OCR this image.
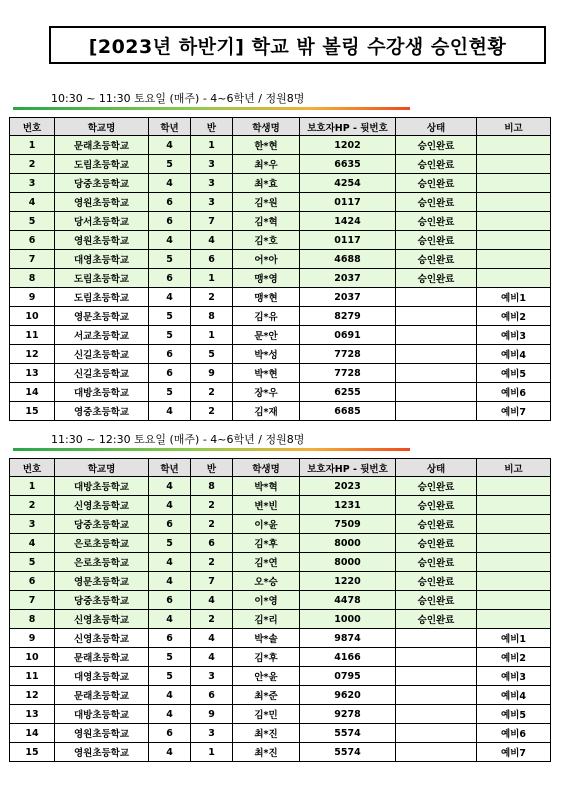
[2023년 하반기] 학교 밖 볼링 수강생 승인현황
10:30 ~ 11:30 토요일 (매주) - 4~6학년 / 정원8명
번호	학교명	학년	반	학생명	보호자HP - 뒷번호	상태	비고
1	문래초등학교	4	1	한*현	1202	승인완료	
2	도림초등학교	5	3	최*우	6635	승인완료	
3	당중초등학교	4	3	최*효	4254	승인완료	
4	영원초등학교	6	3	김*원	0117	승인완료	
5	당서초등학교	6	7	김*혁	1424	승인완료	
6	영원초등학교	4	4	김*호	0117	승인완료	
7	대영초등학교	5	6	어*아	4688	승인완료	
8	도림초등학교	6	1	맹*영	2037	승인완료	
9	도림초등학교	4	2	맹*현	2037		예비1
10	영문초등학교	5	8	김*유	8279		예비2
11	서교초등학교	5	1	문*안	0691		예비3
12	신길초등학교	6	5	박*성	7728		예비4
13	신길초등학교	6	9	박*현	7728		예비5
14	대방초등학교	5	2	장*우	6255		예비6
15	영중초등학교	4	2	김*재	6685		예비7
11:30 ~ 12:30 토요일 (매주) - 4~6학년 / 정원8명
번호	학교명	학년	반	학생명	보호자HP - 뒷번호	상태	비고
1	대방초등학교	4	8	박*혁	2023	승인완료	
2	신영초등학교	4	2	변*빈	1231	승인완료	
3	당중초등학교	6	2	이*윤	7509	승인완료	
4	은로초등학교	5	6	김*후	8000	승인완료	
5	은로초등학교	4	2	김*연	8000	승인완료	
6	영문초등학교	4	7	오*승	1220	승인완료	
7	당중초등학교	6	4	이*영	4478	승인완료	
8	신영초등학교	4	2	김*리	1000	승인완료	
9	신영초등학교	6	4	박*솔	9874		예비1
10	문래초등학교	5	4	김*후	4166		예비2
11	대영초등학교	5	3	안*윤	0795		예비3
12	문래초등학교	4	6	최*준	9620		예비4
13	대방초등학교	4	9	김*민	9278		예비5
14	영원초등학교	6	3	최*진	5574		예비6
15	영원초등학교	4	1	최*진	5574		예비7
